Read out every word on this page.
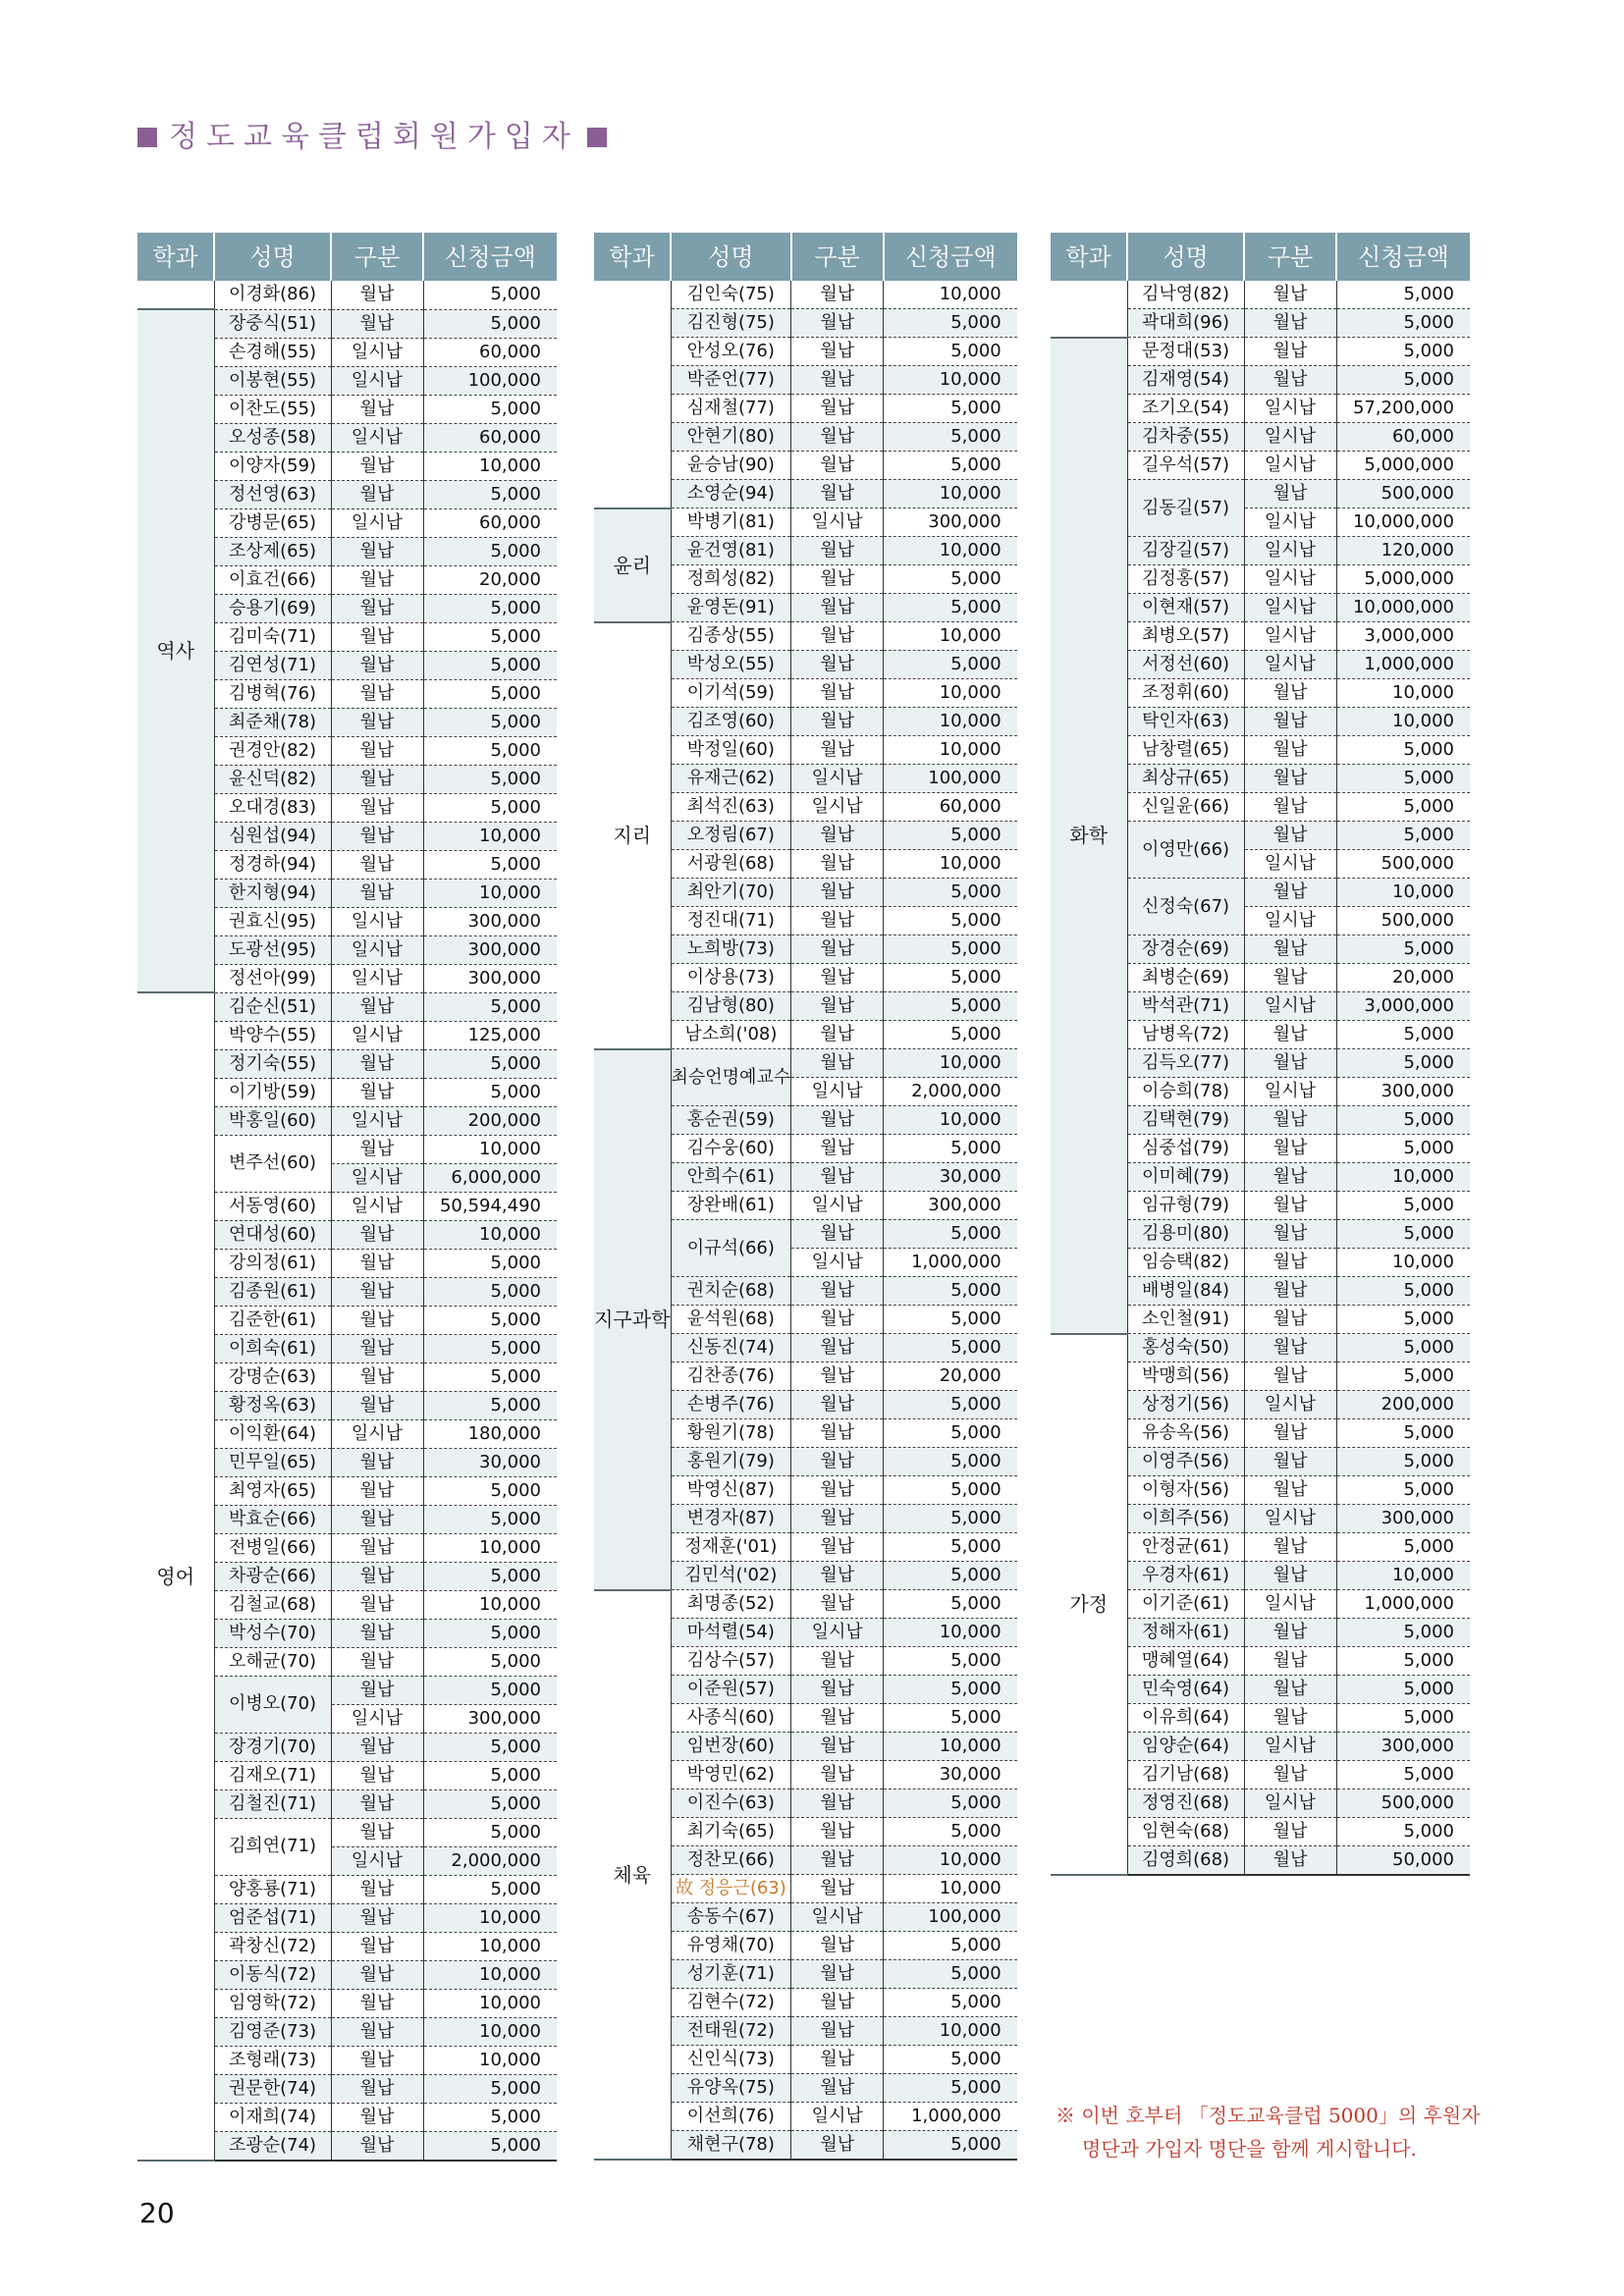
정도교육클럽회원가입자
학과	성명	구분	신청금액
	이경화(86)	월납	5,000
역사	장중식(51)	월납	5,000
	손경해(55)	일시납	60,000
	이봉현(55)	일시납	100,000
	이찬도(55)	월납	5,000
	오성종(58)	일시납	60,000
	이양자(59)	월납	10,000
	정선영(63)	월납	5,000
	강병문(65)	일시납	60,000
	조상제(65)	월납	5,000
	이효건(66)	월납	20,000
	승용기(69)	월납	5,000
	김미숙(71)	월납	5,000
	김연성(71)	월납	5,000
	김병혁(76)	월납	5,000
	최준채(78)	월납	5,000
	권경안(82)	월납	5,000
	윤신덕(82)	월납	5,000
	오대경(83)	월납	5,000
	심원섭(94)	월납	10,000
	정경하(94)	월납	5,000
	한지형(94)	월납	10,000
	권효신(95)	일시납	300,000
	도광선(95)	일시납	300,000
	정선아(99)	일시납	300,000
영어	김순신(51)	월납	5,000
	박양수(55)	일시납	125,000
	정기숙(55)	월납	5,000
	이기방(59)	월납	5,000
	박홍일(60)	일시납	200,000
	변주선(60)	월납	10,000
		일시납	6,000,000
	서동영(60)	일시납	50,594,490
	연대성(60)	월납	10,000
	강의정(61)	월납	5,000
	김종원(61)	월납	5,000
	김준한(61)	월납	5,000
	이희숙(61)	월납	5,000
	강명순(63)	월납	5,000
	황정옥(63)	월납	5,000
	이익환(64)	일시납	180,000
	민무일(65)	월납	30,000
	최영자(65)	월납	5,000
	박효순(66)	월납	5,000
	전병일(66)	월납	10,000
	차광순(66)	월납	5,000
	김철교(68)	월납	10,000
	박성수(70)	월납	5,000
	오해균(70)	월납	5,000
	이병오(70)	월납	5,000
		일시납	300,000
	장경기(70)	월납	5,000
	김재오(71)	월납	5,000
	김철진(71)	월납	5,000
	김희연(71)	월납	5,000
		일시납	2,000,000
	양홍룡(71)	월납	5,000
	엄준섭(71)	월납	10,000
	곽창신(72)	월납	10,000
	이동식(72)	월납	10,000
	임영학(72)	월납	10,000
	김영준(73)	월납	10,000
	조형래(73)	월납	10,000
	권문한(74)	월납	5,000
	이재희(74)	월납	5,000
	조광순(74)	월납	5,000
학과	성명	구분	신청금액
	김인숙(75)	월납	10,000
	김진형(75)	월납	5,000
	안성오(76)	월납	5,000
	박준언(77)	월납	10,000
	심재철(77)	월납	5,000
	안현기(80)	월납	5,000
	윤승남(90)	월납	5,000
	소영순(94)	월납	10,000
윤리	박병기(81)	일시납	300,000
	윤건영(81)	월납	10,000
	정희성(82)	월납	5,000
	윤영돈(91)	월납	5,000
지리	김종상(55)	월납	10,000
	박성오(55)	월납	5,000
	이기석(59)	월납	10,000
	김조영(60)	월납	10,000
	박정일(60)	월납	10,000
	유재근(62)	일시납	100,000
	최석진(63)	일시납	60,000
	오정림(67)	월납	5,000
	서광원(68)	월납	10,000
	최안기(70)	월납	5,000
	정진대(71)	월납	5,000
	노희방(73)	월납	5,000
	이상용(73)	월납	5,000
	김남형(80)	월납	5,000
	남소희('08)	월납	5,000
지구과학	최승언명예교수	월납	10,000
		일시납	2,000,000
	홍순권(59)	월납	10,000
	김수웅(60)	월납	5,000
	안희수(61)	월납	30,000
	장완배(61)	일시납	300,000
	이규석(66)	월납	5,000
		일시납	1,000,000
	권치순(68)	월납	5,000
	윤석원(68)	월납	5,000
	신동진(74)	월납	5,000
	김찬종(76)	월납	20,000
	손병주(76)	월납	5,000
	황원기(78)	월납	5,000
	홍원기(79)	월납	5,000
	박영신(87)	월납	5,000
	변경자(87)	월납	5,000
	정재훈('01)	월납	5,000
	김민석('02)	월납	5,000
체육	최명종(52)	월납	5,000
	마석렬(54)	일시납	10,000
	김상수(57)	월납	5,000
	이준원(57)	월납	5,000
	사종식(60)	월납	5,000
	임번장(60)	월납	10,000
	박영민(62)	월납	30,000
	이진수(63)	월납	5,000
	최기숙(65)	월납	5,000
	정찬모(66)	월납	10,000
	故 정응근(63)	월납	10,000
	송동수(67)	일시납	100,000
	유영채(70)	월납	5,000
	성기훈(71)	월납	5,000
	김현수(72)	월납	5,000
	전태원(72)	월납	10,000
	신인식(73)	월납	5,000
	유양옥(75)	월납	5,000
	이선희(76)	일시납	1,000,000
	채현구(78)	월납	5,000
학과	성명	구분	신청금액
	김낙영(82)	월납	5,000
	곽대희(96)	월납	5,000
화학	문정대(53)	월납	5,000
	김재영(54)	월납	5,000
	조기오(54)	일시납	57,200,000
	김차중(55)	일시납	60,000
	길우석(57)	일시납	5,000,000
	김동길(57)	월납	500,000
		일시납	10,000,000
	김장길(57)	일시납	120,000
	김정홍(57)	일시납	5,000,000
	이현재(57)	일시납	10,000,000
	최병오(57)	일시납	3,000,000
	서정선(60)	일시납	1,000,000
	조정휘(60)	월납	10,000
	탁인자(63)	월납	10,000
	남창렬(65)	월납	5,000
	최상규(65)	월납	5,000
	신일윤(66)	월납	5,000
	이영만(66)	월납	5,000
		일시납	500,000
	신정숙(67)	월납	10,000
		일시납	500,000
	장경순(69)	월납	5,000
	최병순(69)	월납	20,000
	박석관(71)	일시납	3,000,000
	남병옥(72)	월납	5,000
	김득오(77)	월납	5,000
	이승희(78)	일시납	300,000
	김택현(79)	월납	5,000
	심중섭(79)	월납	5,000
	이미혜(79)	월납	10,000
	임규형(79)	월납	5,000
	김용미(80)	월납	5,000
	임승택(82)	월납	10,000
	배병일(84)	월납	5,000
	소인철(91)	월납	5,000
가정	홍성숙(50)	월납	5,000
	박맹희(56)	월납	5,000
	상정기(56)	일시납	200,000
	유송옥(56)	월납	5,000
	이영주(56)	월납	5,000
	이형자(56)	월납	5,000
	이희주(56)	일시납	300,000
	안정균(61)	월납	5,000
	우경자(61)	월납	10,000
	이기준(61)	일시납	1,000,000
	정해자(61)	월납	5,000
	맹혜열(64)	월납	5,000
	민숙영(64)	월납	5,000
	이유희(64)	월납	5,000
	임양순(64)	일시납	300,000
	김기남(68)	월납	5,000
	정영진(68)	일시납	500,000
	임현숙(68)	월납	5,000
	김영희(68)	월납	50,000
※ 이번 호부터 「정도교육클럽 5000」의 후원자
명단과 가입자 명단을 함께 게시합니다.
20
